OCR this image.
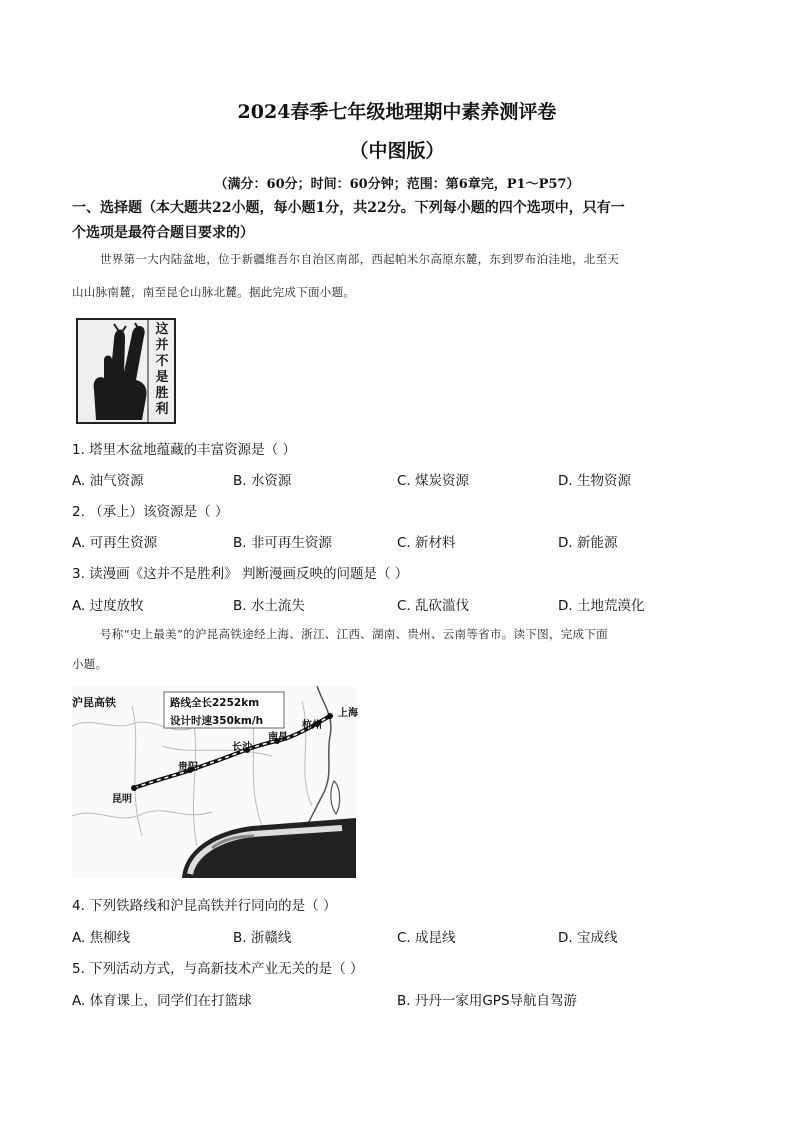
2024春季七年级地理期中素养测评卷
（中图版）
（满分：60分；时间：60分钟；范围：第6章完，P1～P57）
一、选择题（本大题共22小题，每小题1分，共22分。下列每小题的四个选项中，只有一
个选项是最符合题目要求的）
世界第一大内陆盆地，位于新疆维吾尔自治区南部，西起帕米尔高原东麓，东到罗布泊洼地，北至天
山山脉南麓，南至昆仑山脉北麓。据此完成下面小题。
这
并
不
是
胜
利
1. 塔里木盆地蕴藏的丰富资源是（ ）
A. 油气资源	B. 水资源	C. 煤炭资源	D. 生物资源
2. （承上）该资源是（ ）
A. 可再生资源	B. 非可再生资源	C. 新材料	D. 新能源
3. 读漫画《这并不是胜利》 判断漫画反映的问题是（ ）
A. 过度放牧	B. 水土流失	C. 乱砍滥伐	D. 土地荒漠化
号称“史上最美”的沪昆高铁途经上海、浙江、江西、湖南、贵州、云南等省市。读下图，完成下面
小题。
沪昆高铁	路线全长2252km
设计时速350km/h
上海
杭州
南昌
长沙
贵阳
昆明
4. 下列铁路线和沪昆高铁并行同向的是（ ）
A. 焦柳线	B. 浙赣线	C. 成昆线	D. 宝成线
5. 下列活动方式，与高新技术产业无关的是（ ）
A. 体育课上，同学们在打篮球	B. 丹丹一家用GPS导航自驾游
